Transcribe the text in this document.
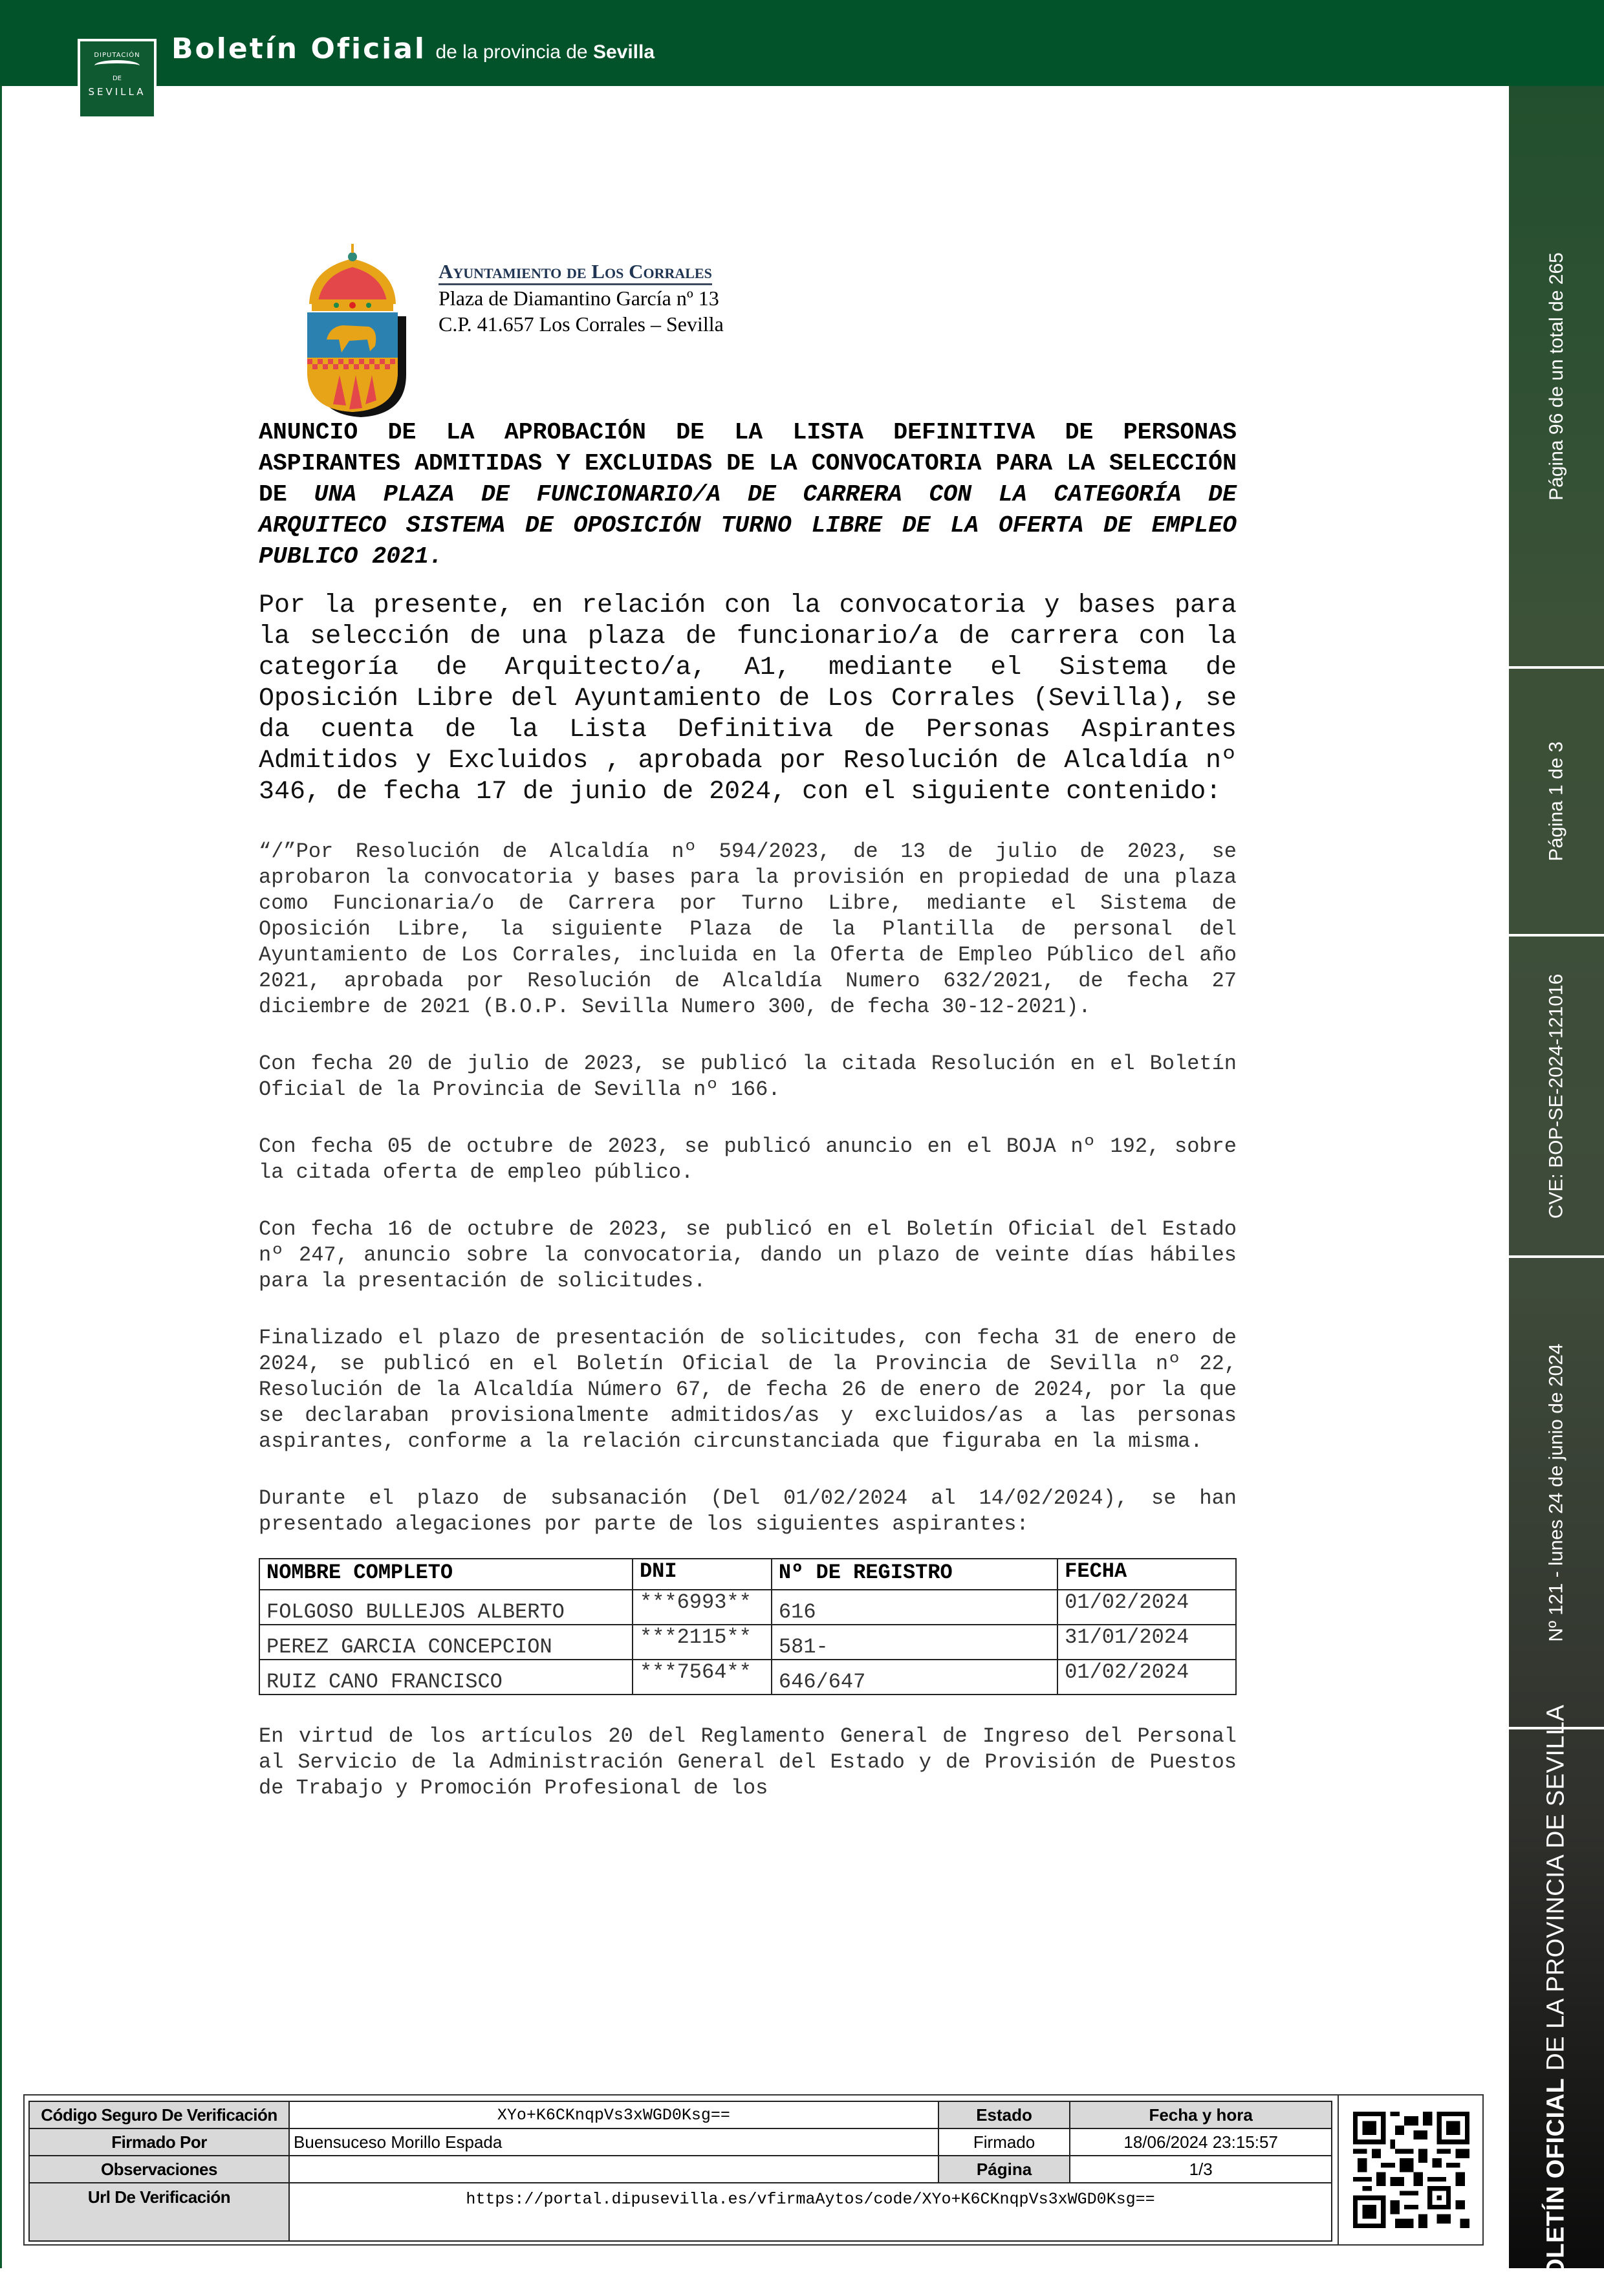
DIPUTACIÓN
DE
SEVILLA
Boletín Oficial de la provincia de Sevilla
Página 96 de un total de 265
Página 1 de 3
CVE: BOP-SE-2024-121016
Nº 121 - lunes 24 de junio de 2024
BOLETÍN OFICIAL DE LA PROVINCIA DE SEVILLA
Ayuntamiento de Los Corrales
Plaza de Diamantino García nº 13
C.P. 41.657 Los Corrales – Sevilla
ANUNCIO DE LA APROBACIÓN DE LA LISTA DEFINITIVA DE PERSONAS ASPIRANTES ADMITIDAS Y EXCLUIDAS DE LA CONVOCATORIA PARA LA SELECCIÓN DE UNA PLAZA DE FUNCIONARIO/A DE CARRERA CON LA CATEGORÍA DE ARQUITECO SISTEMA DE OPOSICIÓN TURNO LIBRE DE LA OFERTA DE EMPLEO PUBLICO 2021.
Por la presente, en relación con la convocatoria y bases para la selección de una plaza de funcionario/a de carrera con la categoría de Arquitecto/a, A1, mediante el Sistema de Oposición Libre del Ayuntamiento de Los Corrales (Sevilla), se da cuenta de la Lista Definitiva de Personas Aspirantes Admitidos y Excluidos , aprobada por Resolución de Alcaldía nº 346, de fecha 17 de junio de 2024, con el siguiente contenido:
“/”Por Resolución de Alcaldía nº 594/2023, de 13 de julio de 2023, se aprobaron la convocatoria y bases para la provisión en propiedad de una plaza como Funcionaria/o de Carrera por Turno Libre, mediante el Sistema de Oposición Libre, la siguiente Plaza de la Plantilla de personal del Ayuntamiento de Los Corrales, incluida en la Oferta de Empleo Público del año 2021, aprobada por Resolución de Alcaldía Numero 632/2021, de fecha 27 diciembre de 2021 (B.O.P. Sevilla Numero 300, de fecha 30-12-2021).
Con fecha 20 de julio de 2023, se publicó la citada Resolución en el Boletín Oficial de la Provincia de Sevilla nº 166.
Con fecha 05 de octubre de 2023, se publicó anuncio en el BOJA nº 192, sobre la citada oferta de empleo público.
Con fecha 16 de octubre de 2023, se publicó en el Boletín Oficial del Estado nº 247, anuncio sobre la convocatoria, dando un plazo de veinte días hábiles para la presentación de solicitudes.
Finalizado el plazo de presentación de solicitudes, con fecha 31 de enero de 2024, se publicó en el Boletín Oficial de la Provincia de Sevilla nº 22, Resolución de la Alcaldía Número 67, de fecha 26 de enero de 2024, por la que se declaraban provisionalmente admitidos/as y excluidos/as a las personas aspirantes, conforme a la relación circunstanciada que figuraba en la misma.
Durante el plazo de subsanación (Del 01/02/2024 al 14/02/2024), se han presentado alegaciones por parte de los siguientes aspirantes:
NOMBRE COMPLETO	DNI	Nº DE REGISTRO	FECHA
FOLGOSO BULLEJOS ALBERTO	***6993**	616	01/02/2024
PEREZ GARCIA CONCEPCION	***2115**	581-	31/01/2024
RUIZ CANO FRANCISCO	***7564**	646/647	01/02/2024
En virtud de los artículos 20 del Reglamento General de Ingreso del Personal al Servicio de la Administración General del Estado y de Provisión de Puestos de Trabajo y Promoción Profesional de los
Código Seguro De Verificación	XYo+K6CKnqpVs3xWGD0Ksg==	Estado	Fecha y hora
Firmado Por	Buensuceso Morillo Espada	Firmado	18/06/2024 23:15:57
Observaciones		Página	1/3
Url De Verificación	https://portal.dipusevilla.es/vfirmaAytos/code/XYo+K6CKnqpVs3xWGD0Ksg==		
